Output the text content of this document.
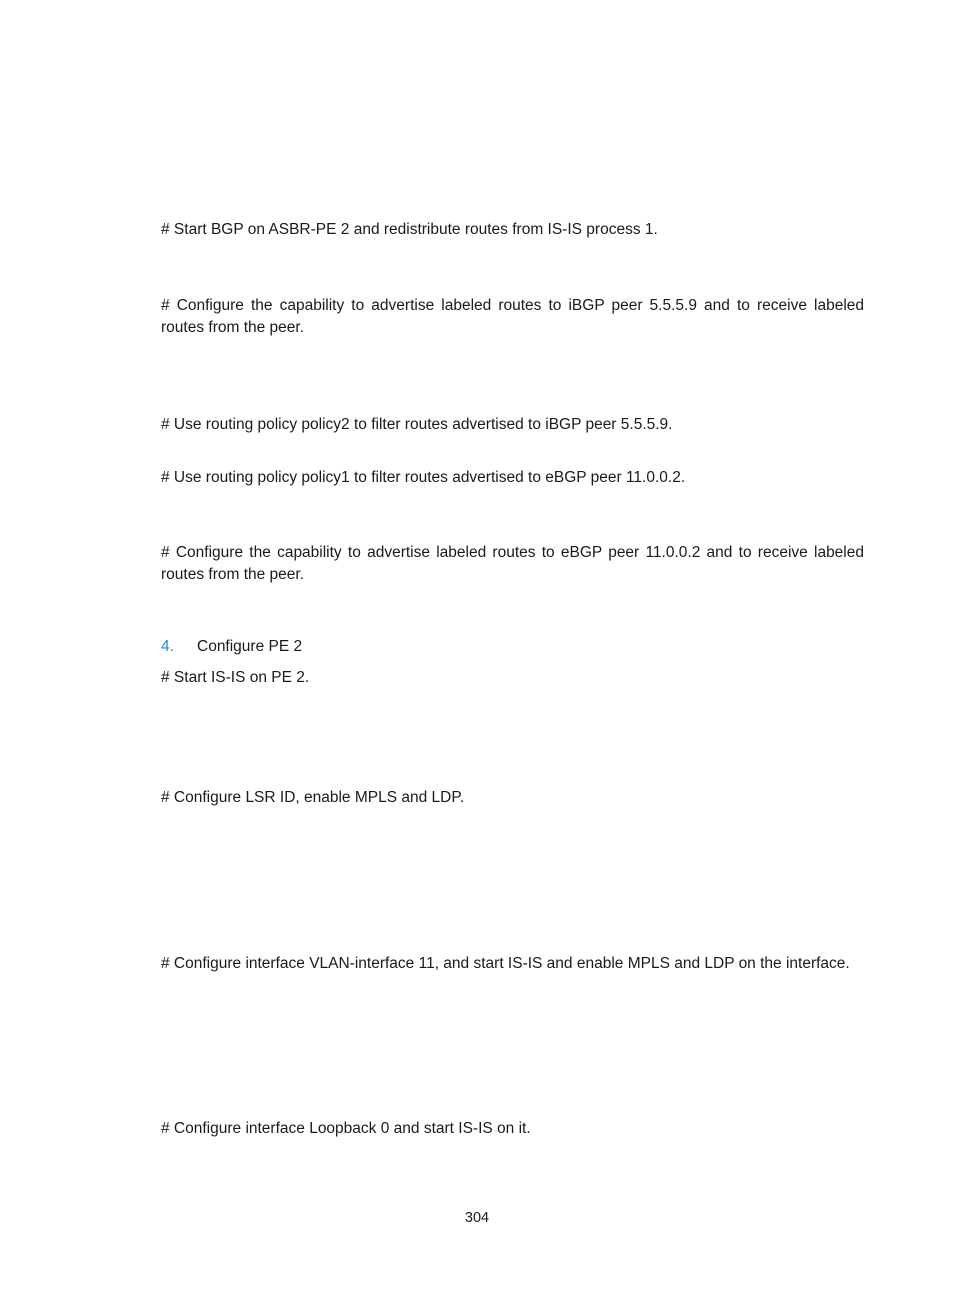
# Start BGP on ASBR-PE 2 and redistribute routes from IS-IS process 1.

# Configure the capability to advertise labeled routes to iBGP peer 5.5.5.9 and to receive labeled routes from the peer.

# Use routing policy policy2 to filter routes advertised to iBGP peer 5.5.5.9.

# Use routing policy policy1 to filter routes advertised to eBGP peer 11.0.0.2.

# Configure the capability to advertise labeled routes to eBGP peer 11.0.0.2 and to receive labeled routes from the peer.

4.	Configure PE 2

# Start IS-IS on PE 2.

# Configure LSR ID, enable MPLS and LDP.

# Configure interface VLAN-interface 11, and start IS-IS and enable MPLS and LDP on the interface.

# Configure interface Loopback 0 and start IS-IS on it.

304
